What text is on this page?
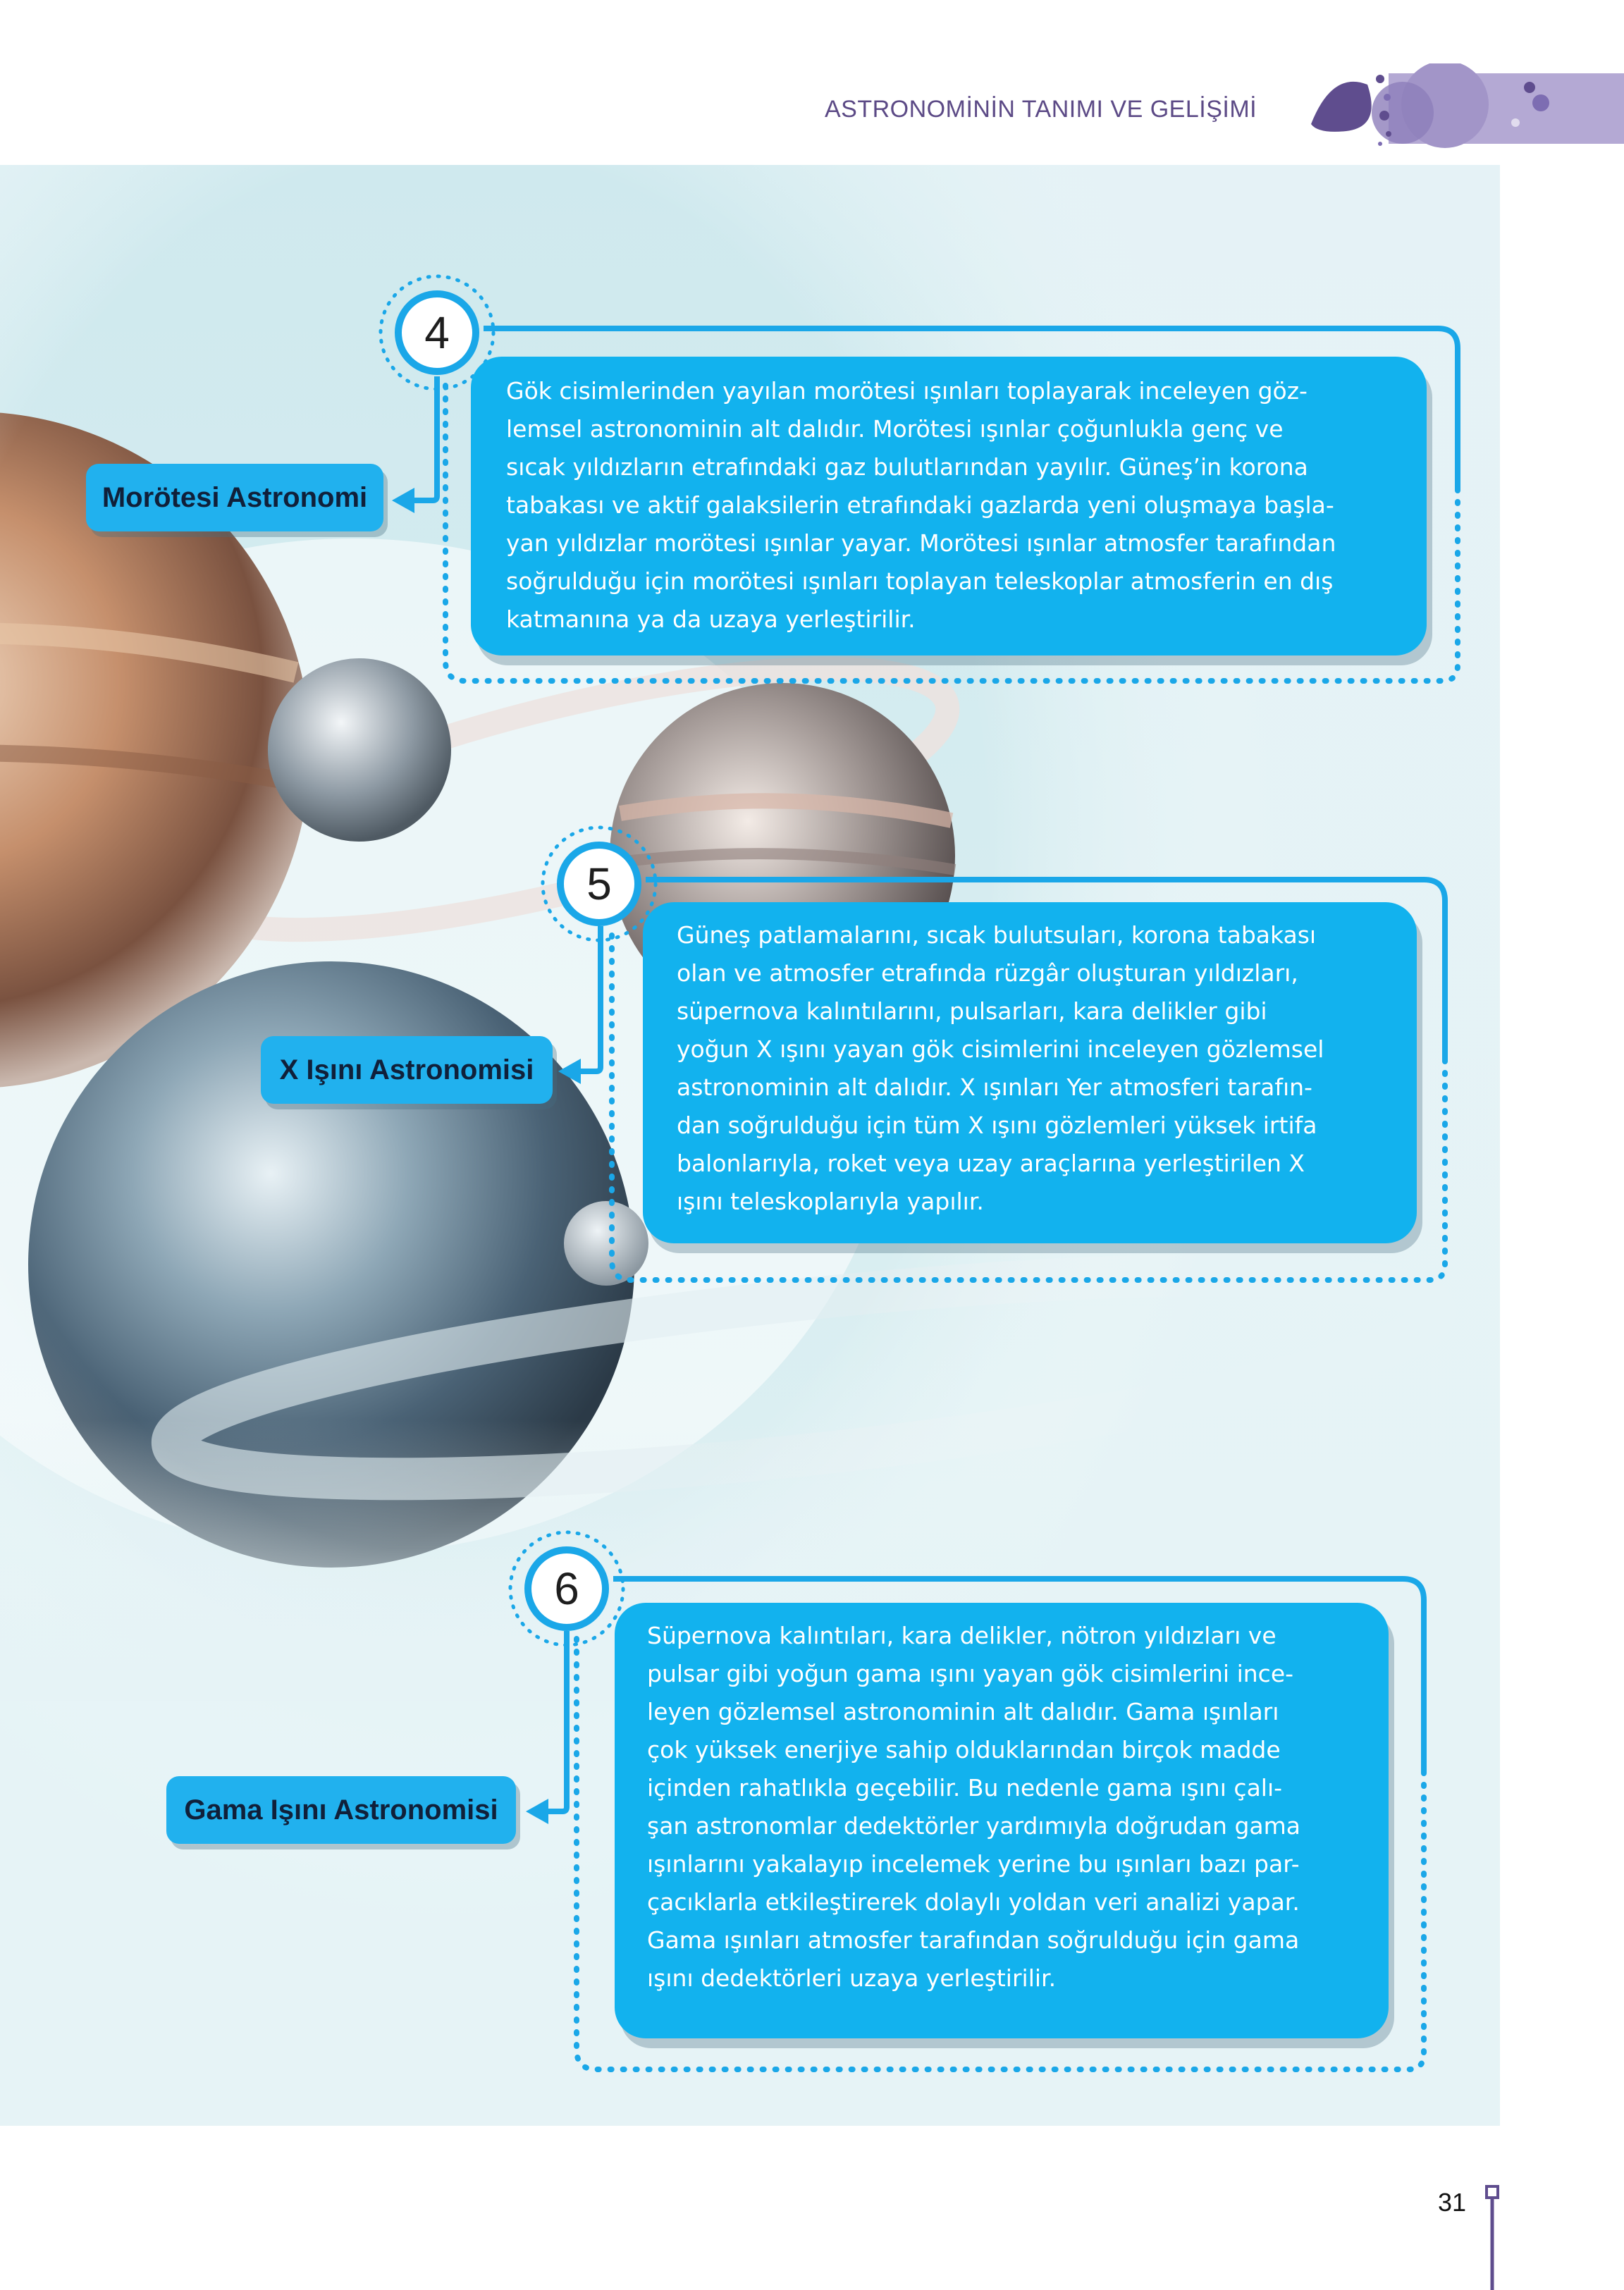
ASTRONOMİNİN TANIMI VE GELİŞİMİ
4
Morötesi Astronomi
Gök cisimlerinden yayılan morötesi ışınları toplayarak inceleyen göz-
lemsel astronominin alt dalıdır. Morötesi ışınlar çoğunlukla genç ve
sıcak yıldızların etrafındaki gaz bulutlarından yayılır. Güneş’in korona
tabakası ve aktif galaksilerin etrafındaki gazlarda yeni oluşmaya başla-
yan yıldızlar morötesi ışınlar yayar. Morötesi ışınlar atmosfer tarafından
soğrulduğu için morötesi ışınları toplayan teleskoplar atmosferin en dış
katmanına ya da uzaya yerleştirilir.
5
X Işını Astronomisi
Güneş patlamalarını, sıcak bulutsuları, korona tabakası
olan ve atmosfer etrafında rüzgâr oluşturan yıldızları,
süpernova kalıntılarını, pulsarları, kara delikler gibi
yoğun X ışını yayan gök cisimlerini inceleyen gözlemsel
astronominin alt dalıdır. X ışınları Yer atmosferi tarafın-
dan soğrulduğu için tüm X ışını gözlemleri yüksek irtifa
balonlarıyla, roket veya uzay araçlarına yerleştirilen X
ışını teleskoplarıyla yapılır.
6
Gama Işını Astronomisi
Süpernova kalıntıları, kara delikler, nötron yıldızları ve
pulsar gibi yoğun gama ışını yayan gök cisimlerini ince-
leyen gözlemsel astronominin alt dalıdır. Gama ışınları
çok yüksek enerjiye sahip olduklarından birçok madde
içinden rahatlıkla geçebilir. Bu nedenle gama ışını çalı-
şan astronomlar dedektörler yardımıyla doğrudan gama
ışınlarını yakalayıp incelemek yerine bu ışınları bazı par-
çacıklarla etkileştirerek dolaylı yoldan veri analizi yapar.
Gama ışınları atmosfer tarafından soğrulduğu için gama
ışını dedektörleri uzaya yerleştirilir.
31
